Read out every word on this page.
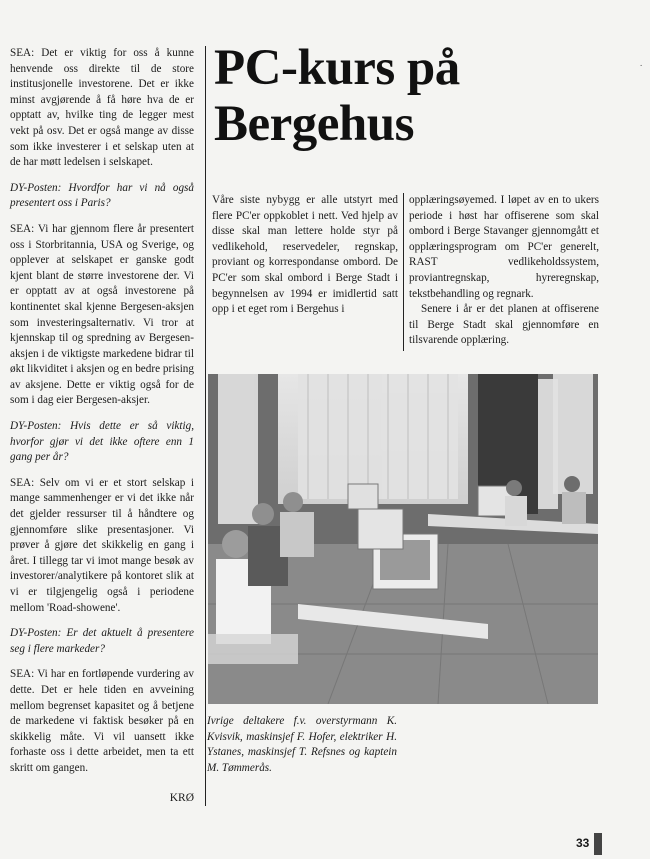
SEA: Det er viktig for oss å kunne henvende oss direkte til de store institusjonelle investorene. Det er ikke minst avgjørende å få høre hva de er opptatt av, hvilke ting de legger mest vekt på osv. Det er også mange av disse som ikke investerer i et selskap uten at de har møtt ledelsen i selskapet.

DY-Posten: Hvordfor har vi nå også presentert oss i Paris?

SEA: Vi har gjennom flere år presentert oss i Storbritannia, USA og Sverige, og opplever at selskapet er ganske godt kjent blant de større investorene der. Vi er opptatt av at også investorene på kontinentet skal kjenne Bergesen-aksjen som investeringsalternativ. Vi tror at kjennskap til og spredning av Bergesen-aksjen i de viktigste markedene bidrar til økt likviditet i aksjen og en bedre prising av aksjene. Dette er viktig også for de som i dag eier Bergesen-aksjer.

DY-Posten: Hvis dette er så viktig, hvorfor gjør vi det ikke oftere enn 1 gang per år?

SEA: Selv om vi er et stort selskap i mange sammenhenger er vi det ikke når det gjelder ressurser til å håndtere og gjennomføre slike presentasjoner. Vi prøver å gjøre det skikkelig en gang i året. I tillegg tar vi imot mange besøk av investorer/analytikere på kontoret slik at vi er tilgjengelig også i periodene mellom 'Road-showene'.

DY-Posten: Er det aktuelt å presentere seg i flere markeder?

SEA: Vi har en fortløpende vurdering av dette. Det er hele tiden en avveining mellom begrenset kapasitet og å betjene de markedene vi faktisk besøker på en skikkelig måte. Vi vil uansett ikke forhaste oss i dette arbeidet, men ta ett skritt om gangen.

KRØ
PC-kurs på Bergehus

Våre siste nybygg er alle utstyrt med flere PC'er oppkoblet i nett. Ved hjelp av disse skal man lettere holde styr på vedlikehold, reservedeler, regnskap, proviant og korrespondanse ombord. De PC'er som skal ombord i Berge Stadt i begynnelsen av 1994 er imidlertid satt opp i et eget rom i Bergehus i

opplæringsøyemed. I løpet av en to ukers periode i høst har offiserene som skal ombord i Berge Stavanger gjennomgått et opplæringsprogram om PC'er generelt, RAST vedlikeholdssystem, proviantregnskap, hyreregnskap, tekstbehandling og regnark.

Senere i år er det planen at offiserene til Berge Stadt skal gjennomføre en tilsvarende opplæring.

Ivrige deltakere f.v. overstyrmann K. Kvisvik, maskinsjef F. Hofer, elektriker H. Ystanes, maskinsjef T. Refsnes og kaptein M. Tømmerås.
.
33
